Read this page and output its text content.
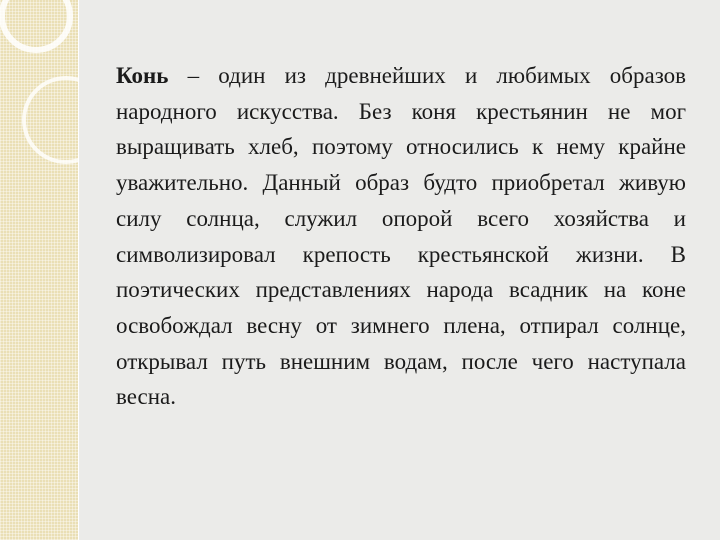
Конь – один из древнейших и любимых образов народного искусства. Без коня крестьянин не мог выращивать хлеб, поэтому относились к нему крайне уважительно. Данный образ будто приобретал живую силу солнца, служил опорой всего хозяйства и символизировал крепость крестьянской жизни. В поэтических представлениях народа всадник на коне освобождал весну от зимнего плена, отпирал солнце, открывал путь внешним водам, после чего наступала весна.
